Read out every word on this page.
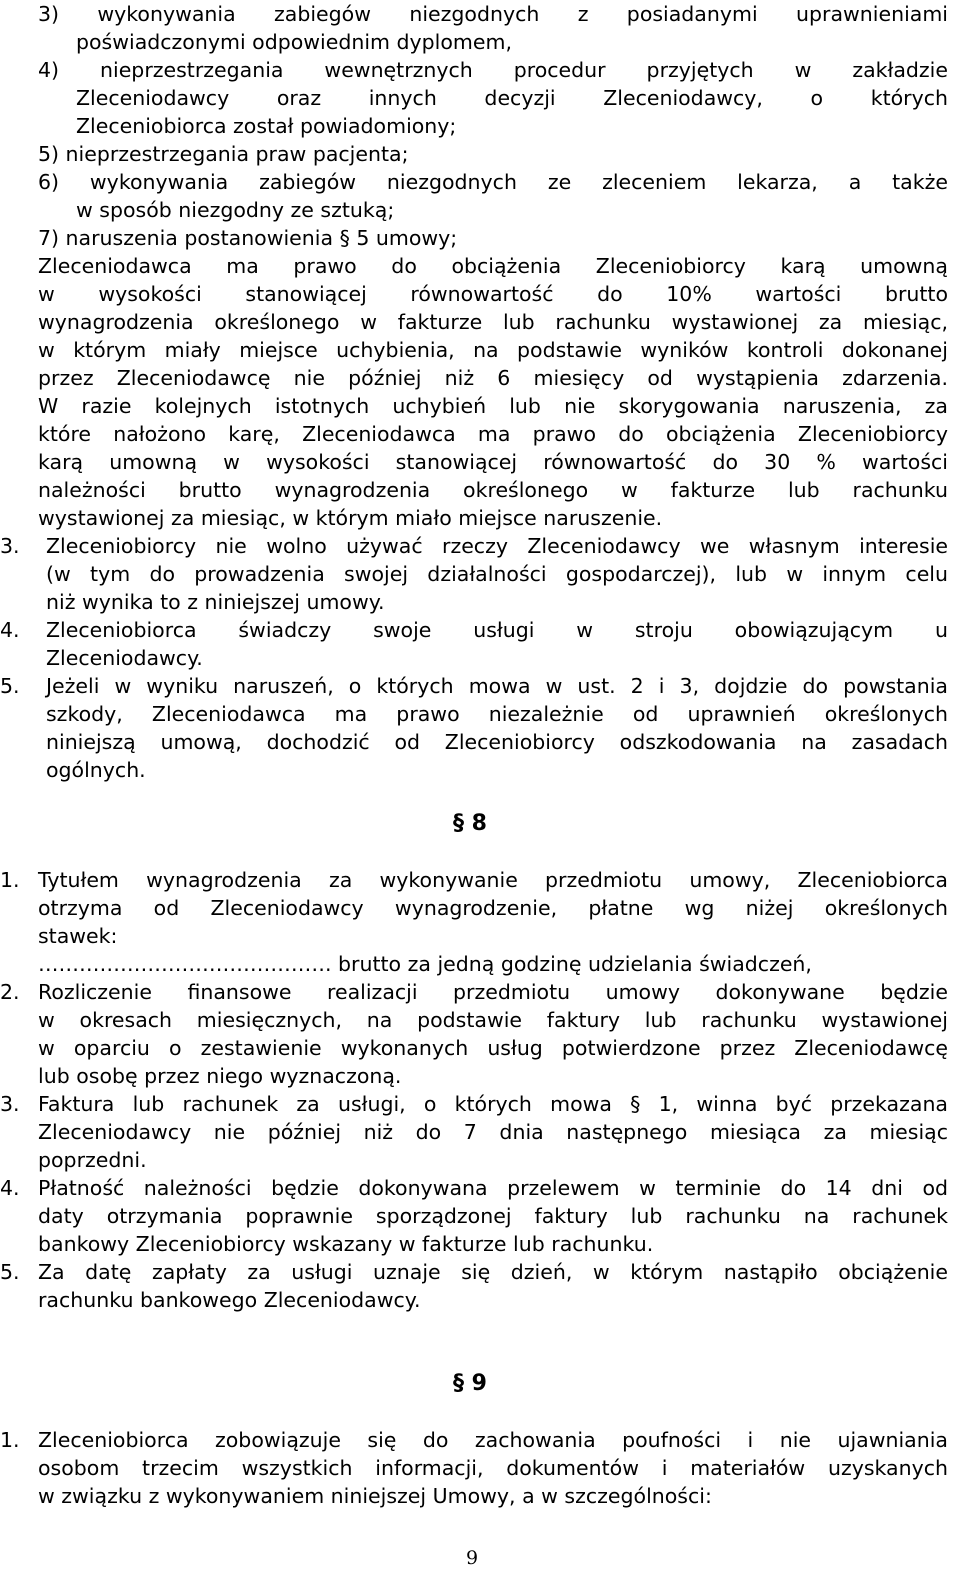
3) wykonywania zabiegów niezgodnych z posiadanymi uprawnieniami
poświadczonymi odpowiednim dyplomem,
4) nieprzestrzegania wewnętrznych procedur przyjętych w zakładzie
Zleceniodawcy oraz innych decyzji Zleceniodawcy, o których
Zleceniobiorca został powiadomiony;
5) nieprzestrzegania praw pacjenta;
6) wykonywania zabiegów niezgodnych ze zleceniem lekarza, a także
w sposób niezgodny ze sztuką;
7) naruszenia postanowienia § 5 umowy;
Zleceniodawca ma prawo do obciążenia Zleceniobiorcy karą umowną
w wysokości stanowiącej równowartość do 10% wartości brutto
wynagrodzenia określonego w fakturze lub rachunku wystawionej za miesiąc,
w którym miały miejsce uchybienia, na podstawie wyników kontroli dokonanej
przez Zleceniodawcę nie później niż 6 miesięcy od wystąpienia zdarzenia.
W razie kolejnych istotnych uchybień lub nie skorygowania naruszenia, za
które nałożono karę, Zleceniodawca ma prawo do obciążenia Zleceniobiorcy
karą umowną w wysokości stanowiącej równowartość do 30 % wartości
należności brutto wynagrodzenia określonego w fakturze lub rachunku
wystawionej za miesiąc, w którym miało miejsce naruszenie.
3. Zleceniobiorcy nie wolno używać rzeczy Zleceniodawcy we własnym interesie
(w tym do prowadzenia swojej działalności gospodarczej), lub w innym celu
niż wynika to z niniejszej umowy.
4. Zleceniobiorca świadczy swoje usługi w stroju obowiązującym u
Zleceniodawcy.
5. Jeżeli w wyniku naruszeń, o których mowa w ust. 2 i 3, dojdzie do powstania
szkody, Zleceniodawca ma prawo niezależnie od uprawnień określonych
niniejszą umową, dochodzić od Zleceniobiorcy odszkodowania na zasadach
ogólnych.
§ 8
1. Tytułem wynagrodzenia za wykonywanie przedmiotu umowy, Zleceniobiorca
otrzyma od Zleceniodawcy wynagrodzenie, płatne wg niżej określonych
stawek:
……………………………………. brutto za jedną godzinę udzielania świadczeń,
2. Rozliczenie finansowe realizacji przedmiotu umowy dokonywane będzie
w okresach miesięcznych, na podstawie faktury lub rachunku wystawionej
w oparciu o zestawienie wykonanych usług potwierdzone przez Zleceniodawcę
lub osobę przez niego wyznaczoną.
3. Faktura lub rachunek za usługi, o których mowa § 1, winna być przekazana
Zleceniodawcy nie później niż do 7 dnia następnego miesiąca za miesiąc
poprzedni.
4. Płatność należności będzie dokonywana przelewem w terminie do 14 dni od
daty otrzymania poprawnie sporządzonej faktury lub rachunku na rachunek
bankowy Zleceniobiorcy wskazany w fakturze lub rachunku.
5. Za datę zapłaty za usługi uznaje się dzień, w którym nastąpiło obciążenie
rachunku bankowego Zleceniodawcy.
§ 9
1. Zleceniobiorca zobowiązuje się do zachowania poufności i nie ujawniania
osobom trzecim wszystkich informacji, dokumentów i materiałów uzyskanych
w związku z wykonywaniem niniejszej Umowy, a w szczególności:
9
